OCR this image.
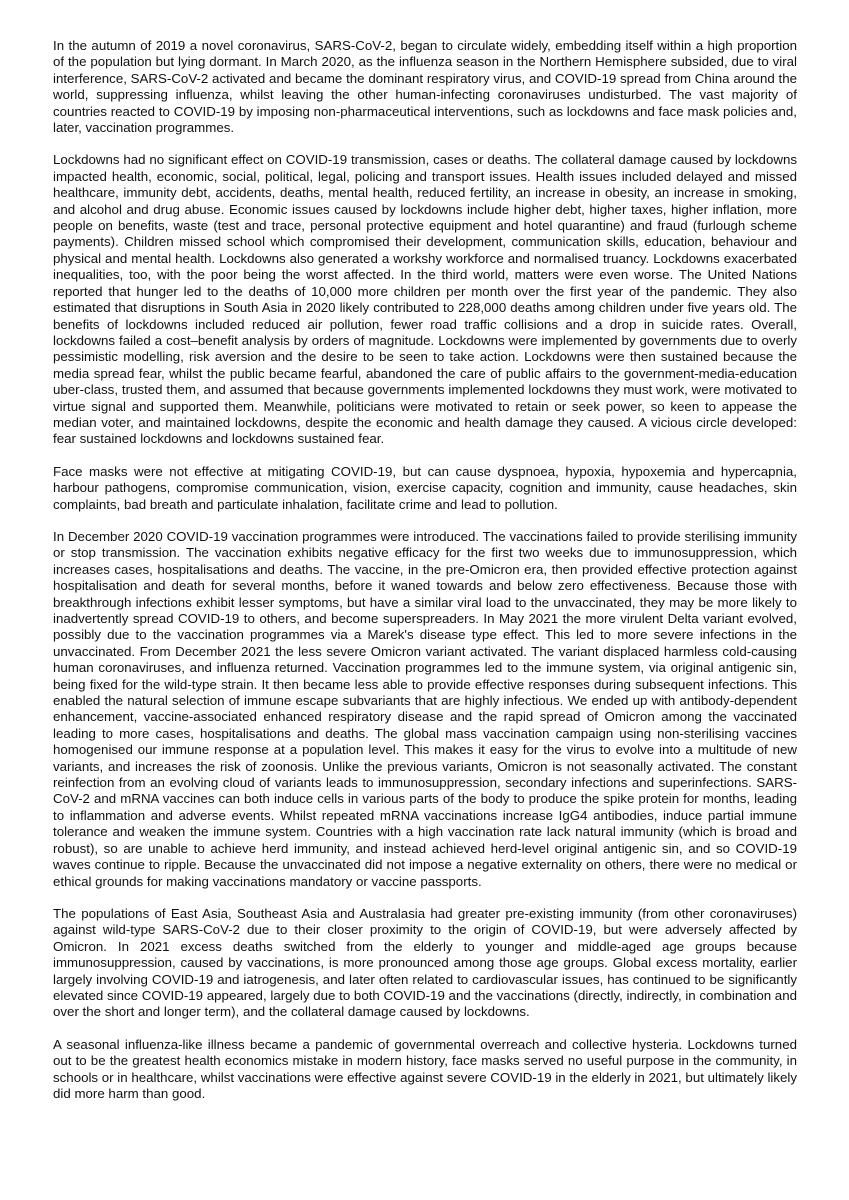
In the autumn of 2019 a novel coronavirus, SARS-CoV-2, began to circulate widely, embedding itself within a high proportion of the population but lying dormant. In March 2020, as the influenza season in the Northern Hemisphere subsided, due to viral interference, SARS-CoV-2 activated and became the dominant respiratory virus, and COVID-19 spread from China around the world, suppressing influenza, whilst leaving the other human-infecting coronaviruses undisturbed. The vast majority of countries reacted to COVID-19 by imposing non-pharmaceutical interventions, such as lockdowns and face mask policies and, later, vaccination programmes.

Lockdowns had no significant effect on COVID-19 transmission, cases or deaths. The collateral damage caused by lockdowns impacted health, economic, social, political, legal, policing and transport issues. Health issues included delayed and missed healthcare, immunity debt, accidents, deaths, mental health, reduced fertility, an increase in obesity, an increase in smoking, and alcohol and drug abuse. Economic issues caused by lockdowns include higher debt, higher taxes, higher inflation, more people on benefits, waste (test and trace, personal protective equipment and hotel quarantine) and fraud (furlough scheme payments). Children missed school which compromised their development, communication skills, education, behaviour and physical and mental health. Lockdowns also generated a workshy workforce and normalised truancy. Lockdowns exacerbated inequalities, too, with the poor being the worst affected. In the third world, matters were even worse. The United Nations reported that hunger led to the deaths of 10,000 more children per month over the first year of the pandemic. They also estimated that disruptions in South Asia in 2020 likely contributed to 228,000 deaths among children under five years old. The benefits of lockdowns included reduced air pollution, fewer road traffic collisions and a drop in suicide rates. Overall, lockdowns failed a cost–benefit analysis by orders of magnitude. Lockdowns were implemented by governments due to overly pessimistic modelling, risk aversion and the desire to be seen to take action. Lockdowns were then sustained because the media spread fear, whilst the public became fearful, abandoned the care of public affairs to the government-media-education uber-class, trusted them, and assumed that because governments implemented lockdowns they must work, were motivated to virtue signal and supported them. Meanwhile, politicians were motivated to retain or seek power, so keen to appease the median voter, and maintained lockdowns, despite the economic and health damage they caused. A vicious circle developed: fear sustained lockdowns and lockdowns sustained fear.

Face masks were not effective at mitigating COVID-19, but can cause dyspnoea, hypoxia, hypoxemia and hypercapnia, harbour pathogens, compromise communication, vision, exercise capacity, cognition and immunity, cause headaches, skin complaints, bad breath and particulate inhalation, facilitate crime and lead to pollution.

In December 2020 COVID-19 vaccination programmes were introduced. The vaccinations failed to provide sterilising immunity or stop transmission. The vaccination exhibits negative efficacy for the first two weeks due to immunosuppression, which increases cases, hospitalisations and deaths. The vaccine, in the pre-Omicron era, then provided effective protection against hospitalisation and death for several months, before it waned towards and below zero effectiveness. Because those with breakthrough infections exhibit lesser symptoms, but have a similar viral load to the unvaccinated, they may be more likely to inadvertently spread COVID-19 to others, and become superspreaders. In May 2021 the more virulent Delta variant evolved, possibly due to the vaccination programmes via a Marek's disease type effect. This led to more severe infections in the unvaccinated. From December 2021 the less severe Omicron variant activated. The variant displaced harmless cold-causing human coronaviruses, and influenza returned. Vaccination programmes led to the immune system, via original antigenic sin, being fixed for the wild-type strain. It then became less able to provide effective responses during subsequent infections. This enabled the natural selection of immune escape subvariants that are highly infectious. We ended up with antibody-dependent enhancement, vaccine-associated enhanced respiratory disease and the rapid spread of Omicron among the vaccinated leading to more cases, hospitalisations and deaths. The global mass vaccination campaign using non-sterilising vaccines homogenised our immune response at a population level. This makes it easy for the virus to evolve into a multitude of new variants, and increases the risk of zoonosis. Unlike the previous variants, Omicron is not seasonally activated. The constant reinfection from an evolving cloud of variants leads to immunosuppression, secondary infections and superinfections. SARS-CoV-2 and mRNA vaccines can both induce cells in various parts of the body to produce the spike protein for months, leading to inflammation and adverse events. Whilst repeated mRNA vaccinations increase IgG4 antibodies, induce partial immune tolerance and weaken the immune system. Countries with a high vaccination rate lack natural immunity (which is broad and robust), so are unable to achieve herd immunity, and instead achieved herd-level original antigenic sin, and so COVID-19 waves continue to ripple. Because the unvaccinated did not impose a negative externality on others, there were no medical or ethical grounds for making vaccinations mandatory or vaccine passports.

The populations of East Asia, Southeast Asia and Australasia had greater pre-existing immunity (from other coronaviruses) against wild-type SARS-CoV-2 due to their closer proximity to the origin of COVID-19, but were adversely affected by Omicron. In 2021 excess deaths switched from the elderly to younger and middle-aged age groups because immunosuppression, caused by vaccinations, is more pronounced among those age groups. Global excess mortality, earlier largely involving COVID-19 and iatrogenesis, and later often related to cardiovascular issues, has continued to be significantly elevated since COVID-19 appeared, largely due to both COVID-19 and the vaccinations (directly, indirectly, in combination and over the short and longer term), and the collateral damage caused by lockdowns.

A seasonal influenza-like illness became a pandemic of governmental overreach and collective hysteria. Lockdowns turned out to be the greatest health economics mistake in modern history, face masks served no useful purpose in the community, in schools or in healthcare, whilst vaccinations were effective against severe COVID-19 in the elderly in 2021, but ultimately likely did more harm than good.
